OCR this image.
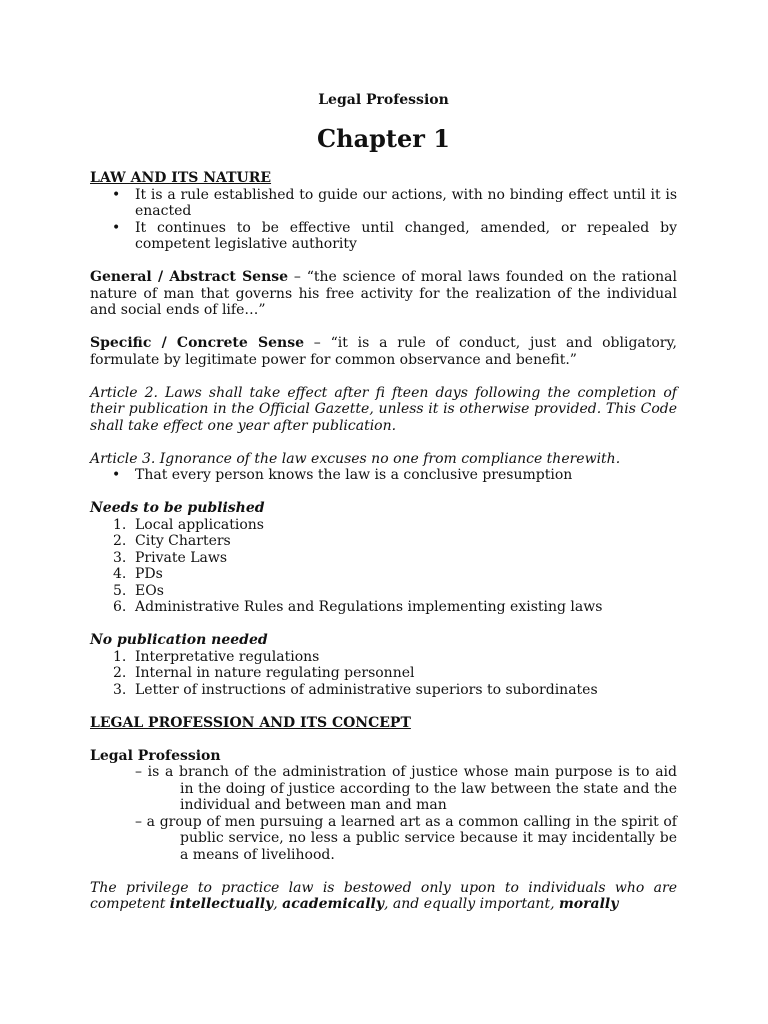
Legal Profession
Chapter 1

LAW AND ITS NATURE

• It is a rule established to guide our actions, with no binding effect until it is enacted
• It continues to be effective until changed, amended, or repealed by competent legislative authority

General / Abstract Sense – “the science of moral laws founded on the rational nature of man that governs his free activity for the realization of the individual and social ends of life…”

Specific / Concrete Sense – “it is a rule of conduct, just and obligatory, formulate by legitimate power for common observance and benefit.”

Article 2. Laws shall take effect after fi fteen days following the completion of their publication in the Official Gazette, unless it is otherwise provided. This Code shall take effect one year after publication.

Article 3. Ignorance of the law excuses no one from compliance therewith.

• That every person knows the law is a conclusive presumption

Needs to be published

1. Local applications
2. City Charters
3. Private Laws
4. PDs
5. EOs
6. Administrative Rules and Regulations implementing existing laws

No publication needed

1. Interpretative regulations
2. Internal in nature regulating personnel
3. Letter of instructions of administrative superiors to subordinates

LEGAL PROFESSION AND ITS CONCEPT

Legal Profession

– is a branch of the administration of justice whose main purpose is to aid in the doing of justice according to the law between the state and the individual and between man and man
– a group of men pursuing a learned art as a common calling in the spirit of public service, no less a public service because it may incidentally be a means of livelihood.

The privilege to practice law is bestowed only upon to individuals who are competent intellectually, academically, and equally important, morally
